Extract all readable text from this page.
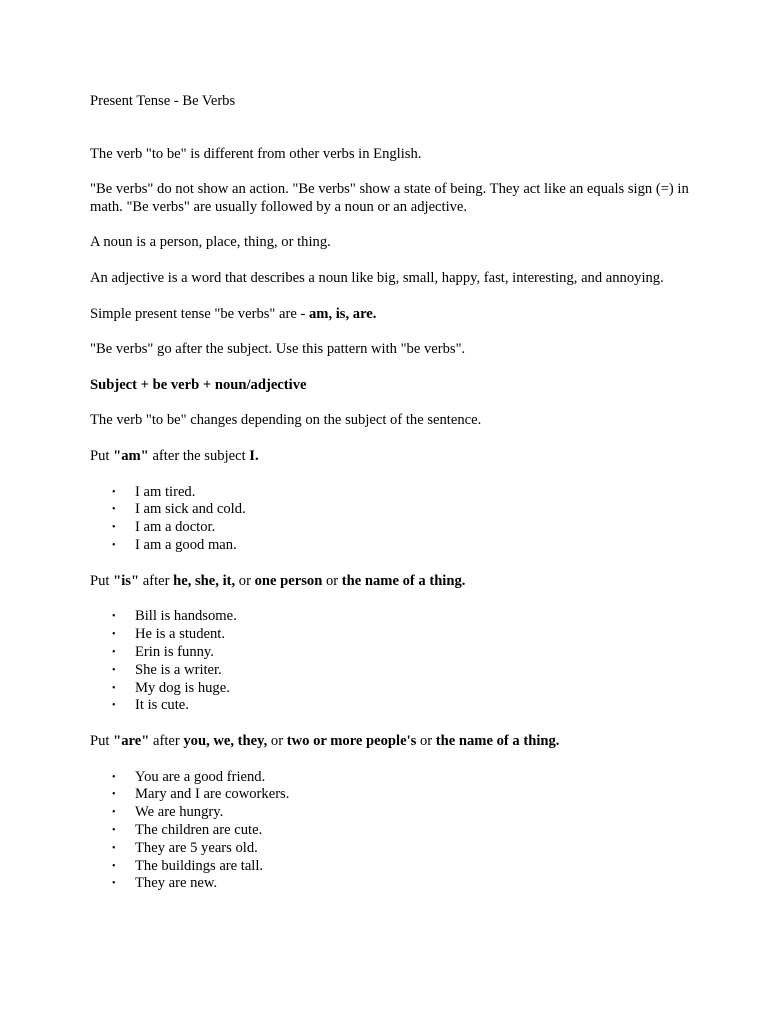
Present Tense - Be Verbs

The verb "to be" is different from other verbs in English.

"Be verbs" do not show an action. "Be verbs" show a state of being. They act like an equals sign (=) in math. "Be verbs" are usually followed by a noun or an adjective.

A noun is a person, place, thing, or thing.

An adjective is a word that describes a noun like big, small, happy, fast, interesting, and annoying.

Simple present tense "be verbs" are - am, is, are.

"Be verbs" go after the subject. Use this pattern with "be verbs".

Subject + be verb + noun/adjective

The verb "to be" changes depending on the subject of the sentence.

Put "am" after the subject I.

• I am tired.
• I am sick and cold.
• I am a doctor.
• I am a good man.

Put "is" after he, she, it, or one person or the name of a thing.

• Bill is handsome.
• He is a student.
• Erin is funny.
• She is a writer.
• My dog is huge.
• It is cute.

Put "are" after you, we, they, or two or more people's or the name of a thing.

• You are a good friend.
• Mary and I are coworkers.
• We are hungry.
• The children are cute.
• They are 5 years old.
• The buildings are tall.
• They are new.
